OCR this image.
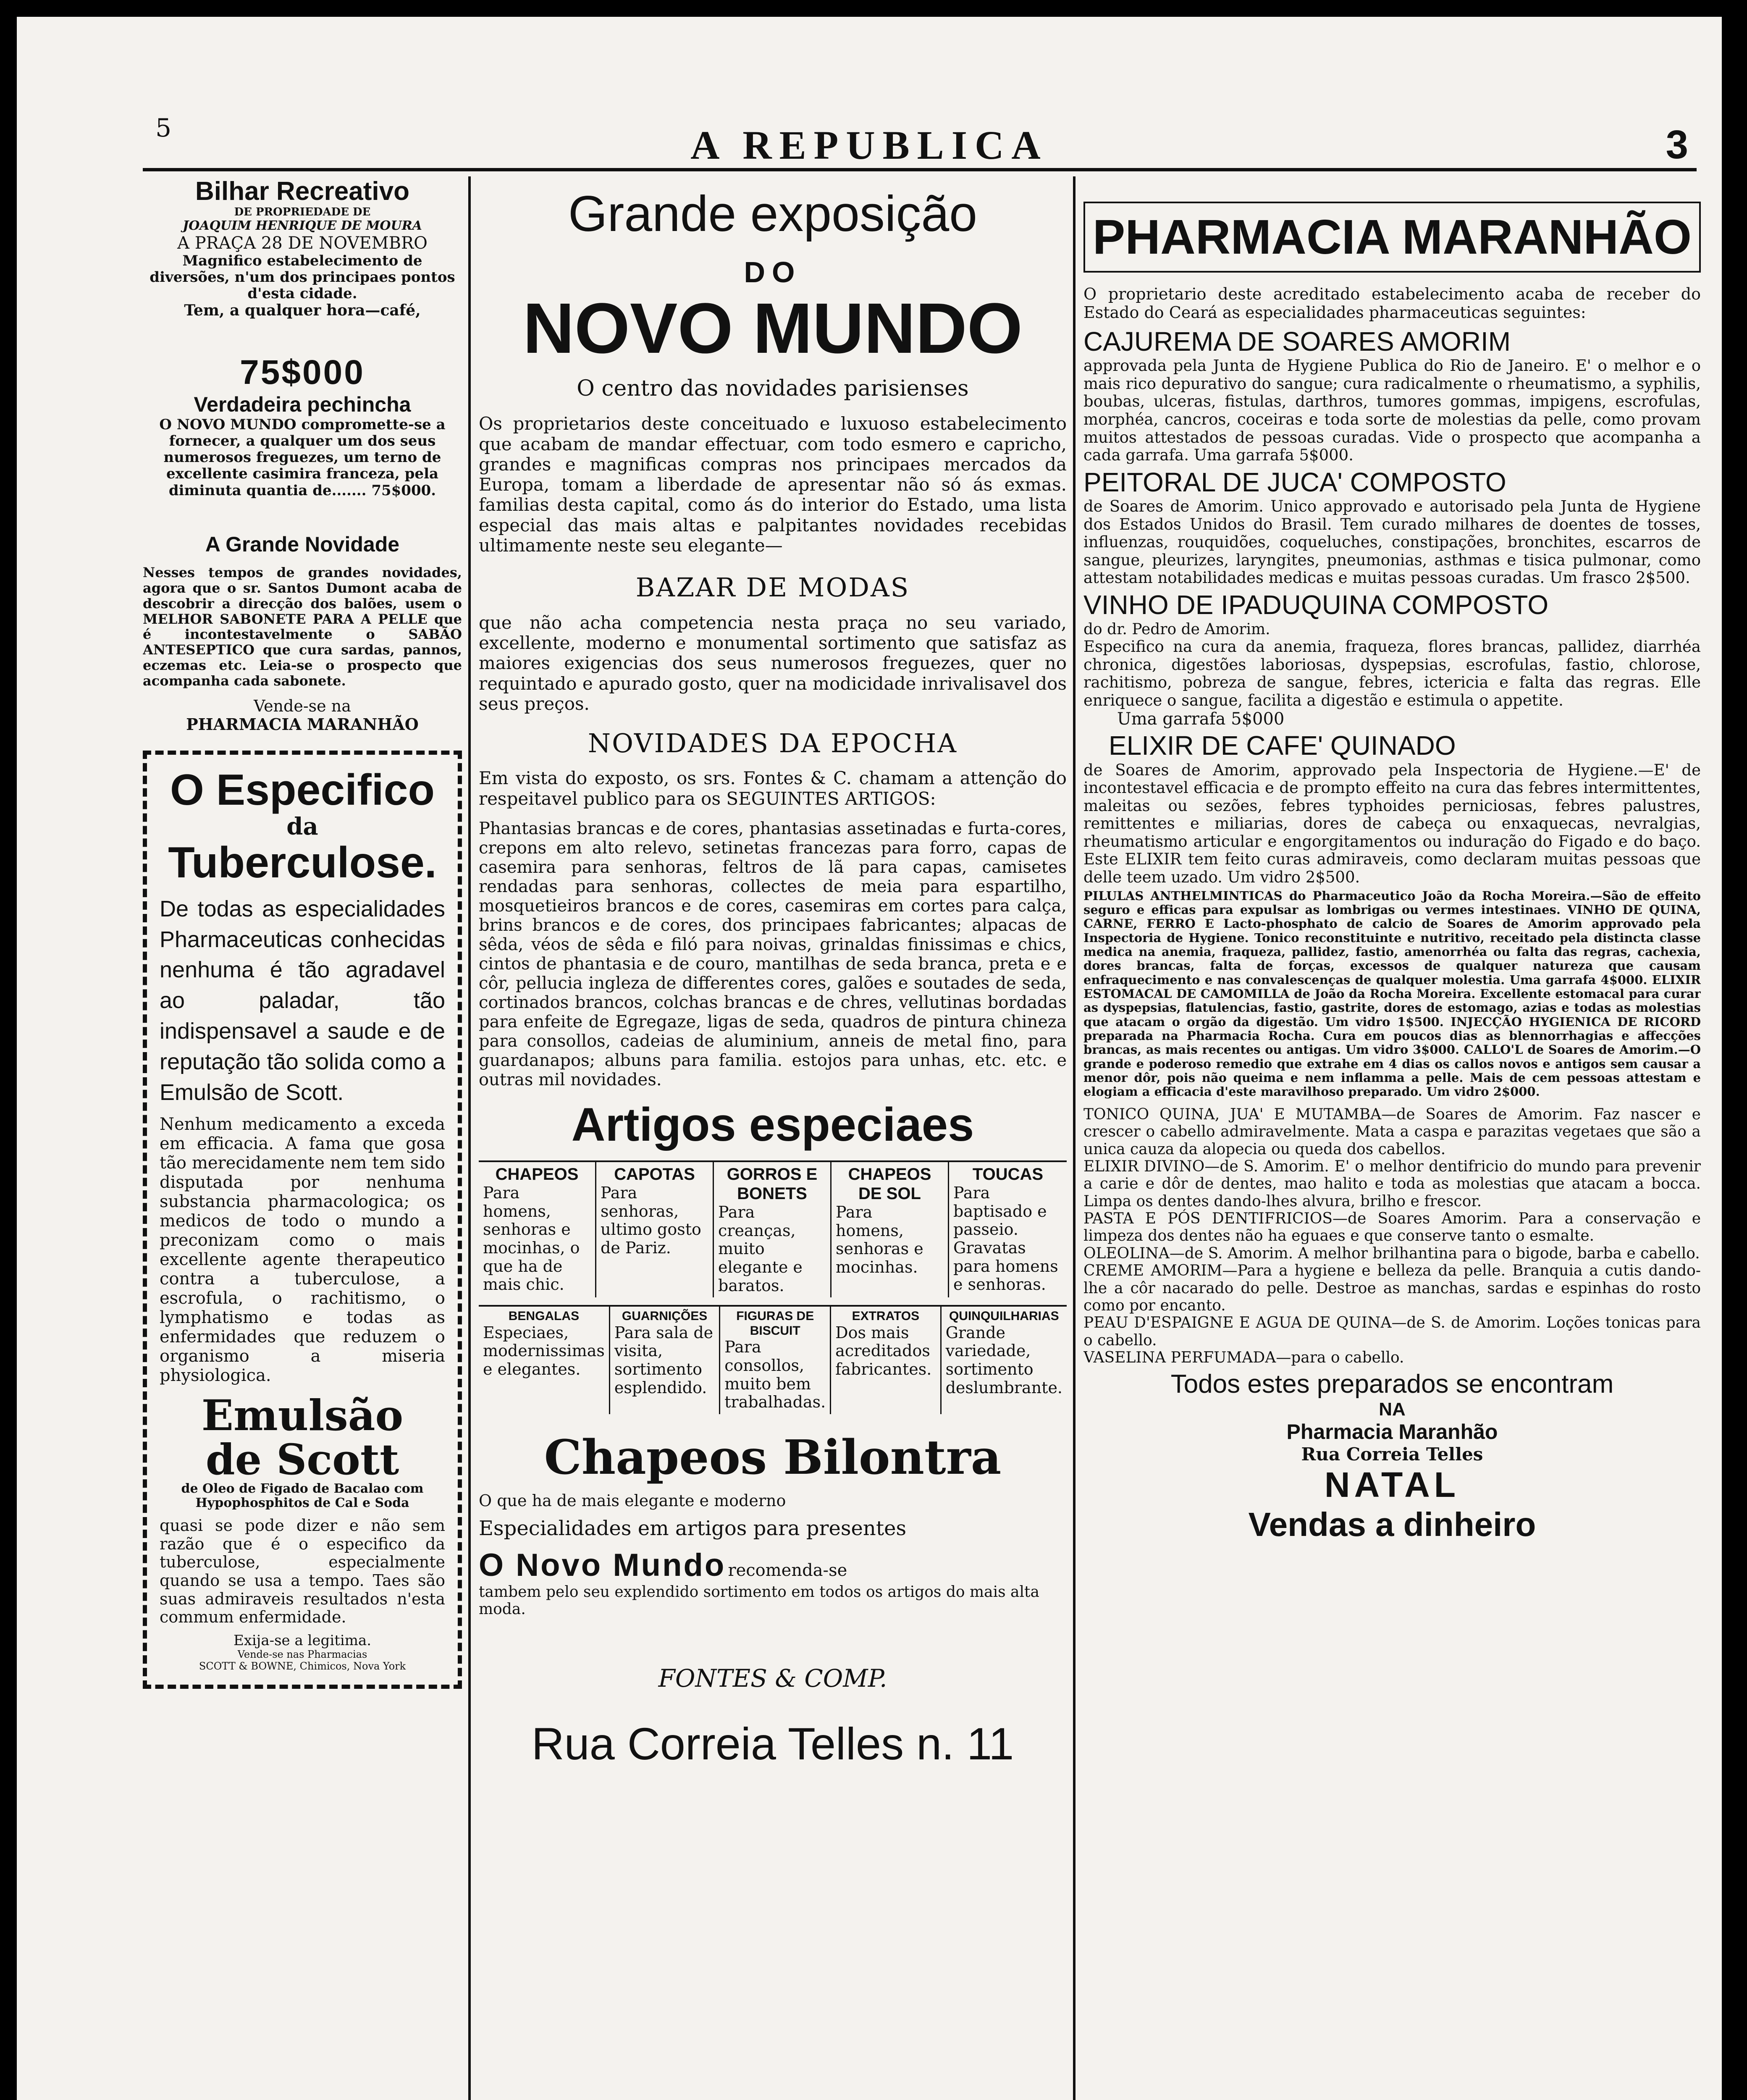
5	A REPUBLICA	3

Bilhar Recreativo

DE PROPRIEDADE DE

JOAQUIM HENRIQUE DE MOURA

A PRAÇA 28 DE NOVEMBRO

Magnifico estabelecimento de diversões, n'um dos principaes pontos d'esta cidade.

Tem, a qualquer hora—café,

75$000

Verdadeira pechincha

O NOVO MUNDO compromette-se a fornecer, a qualquer um dos seus numerosos freguezes, um terno de excellente casimira franceza, pela diminuta quantia de....... 75$000.

A Grande Novidade

Nesses tempos de grandes novidades, agora que o sr. Santos Dumont acaba de descobrir a direcção dos balões, usem o MELHOR SABONETE PARA A PELLE que é incontestavelmente o SABÃO ANTESEPTICO que cura sardas, pannos, eczemas etc. Leia-se o prospecto que acompanha cada sabonete.

Vende-se na

PHARMACIA MARANHÃO

O Especifico

da

Tuberculose.

De todas as especialidades Pharmaceuticas conhecidas nenhuma é tão agradavel ao paladar, tão indispensavel a saude e de reputação tão solida como a Emulsão de Scott.

Nenhum medicamento a exceda em efficacia. A fama que gosa tão merecidamente nem tem sido disputada por nenhuma substancia pharmacologica; os medicos de todo o mundo a preconizam como o mais excellente agente therapeutico contra a tuberculose, a escrofula, o rachitismo, o lymphatismo e todas as enfermidades que reduzem o organismo a miseria physiologica.

Emulsão

de Scott

de Oleo de Figado de Bacalao com Hypophosphitos de Cal e Soda

quasi se pode dizer e não sem razão que é o especifico da tuberculose, especialmente quando se usa a tempo. Taes são suas admiraveis resultados n'esta commum enfermidade.

Exija-se a legitima.

Vende-se nas Pharmacias

SCOTT & BOWNE, Chimicos, Nova York

Grande exposição

DO

NOVO MUNDO

O centro das novidades parisienses

Os proprietarios deste conceituado e luxuoso estabelecimento que acabam de mandar effectuar, com todo esmero e capricho, grandes e magnificas compras nos principaes mercados da Europa, tomam a liberdade de apresentar não só ás exmas. familias desta capital, como ás do interior do Estado, uma lista especial das mais altas e palpitantes novidades recebidas ultimamente neste seu elegante—

BAZAR DE MODAS

que não acha competencia nesta praça no seu variado, excellente, moderno e monumental sortimento que satisfaz as maiores exigencias dos seus numerosos freguezes, quer no requintado e apurado gosto, quer na modicidade inrivalisavel dos seus preços.

NOVIDADES DA EPOCHA

Em vista do exposto, os srs. Fontes & C. chamam a attenção do respeitavel publico para os SEGUINTES ARTIGOS:

Phantasias brancas e de cores, phantasias assetinadas e furta-cores, crepons em alto relevo, setinetas francezas para forro, capas de casemira para senhoras, feltros de lã para capas, camisetes rendadas para senhoras, collectes de meia para espartilho, mosquetieiros brancos e de cores, casemiras em cortes para calça, brins brancos e de cores, dos principaes fabricantes; alpacas de sêda, véos de sêda e filó para noivas, grinaldas finissimas e chics, cintos de phantasia e de couro, mantilhas de seda branca, preta e e côr, pellucia ingleza de differentes cores, galões e soutades de seda, cortinados brancos, colchas brancas e de chres, vellutinas bordadas para enfeite de Egregaze, ligas de seda, quadros de pintura chineza para consollos, cadeias de aluminium, anneis de metal fino, para guardanapos; albuns para familia. estojos para unhas, etc. etc. e outras mil novidades.

Artigos especiaes

CHAPEOS

Para homens, senhoras e mocinhas, o que ha de mais chic.

CAPOTAS

Para senhoras, ultimo gosto de Pariz.

GORROS E BONETS

Para creanças, muito elegante e baratos.

CHAPEOS DE SOL

Para homens, senhoras e mocinhas.

TOUCAS

Para baptisado e passeio. Gravatas para homens e senhoras.

BENGALAS

Especiaes, modernissimas e elegantes.

GUARNIÇÕES

Para sala de visita, sortimento esplendido.

FIGURAS DE BISCUIT

Para consollos, muito bem trabalhadas.

EXTRATOS

Dos mais acreditados fabricantes.

QUINQUILHARIAS

Grande variedade, sortimento deslumbrante.

Chapeos Bilontra

O que ha de mais elegante e moderno

Especialidades em artigos para presentes

O Novo Mundo recomenda-se

tambem pelo seu explendido sortimento em todos os artigos do mais alta moda.

FONTES & COMP.

Rua Correia Telles n. 11

PHARMACIA MARANHÃO

O proprietario deste acreditado estabelecimento acaba de receber do Estado do Ceará as especialidades pharmaceuticas seguintes:

CAJUREMA DE SOARES AMORIM

approvada pela Junta de Hygiene Publica do Rio de Janeiro. E' o melhor e o mais rico depurativo do sangue; cura radicalmente o rheumatismo, a syphilis, boubas, ulceras, fistulas, darthros, tumores gommas, impigens, escrofulas, morphéa, cancros, coceiras e toda sorte de molestias da pelle, como provam muitos attestados de pessoas curadas. Vide o prospecto que acompanha a cada garrafa. Uma garrafa 5$000.

PEITORAL DE JUCA' COMPOSTO

de Soares de Amorim. Unico approvado e autorisado pela Junta de Hygiene dos Estados Unidos do Brasil. Tem curado milhares de doentes de tosses, influenzas, rouquidões, coqueluches, constipações, bronchites, escarros de sangue, pleurizes, laryngites, pneumonias, asthmas e tisica pulmonar, como attestam notabilidades medicas e muitas pessoas curadas. Um frasco 2$500.

VINHO DE IPADUQUINA COMPOSTO

do dr. Pedro de Amorim.

Especifico na cura da anemia, fraqueza, flores brancas, pallidez, diarrhéa chronica, digestões laboriosas, dyspepsias, escrofulas, fastio, chlorose, rachitismo, pobreza de sangue, febres, ictericia e falta das regras. Elle enriquece o sangue, facilita a digestão e estimula o appetite.

Uma garrafa 5$000

ELIXIR DE CAFE' QUINADO

de Soares de Amorim, approvado pela Inspectoria de Hygiene.—E' de incontestavel efficacia e de prompto effeito na cura das febres intermittentes, maleitas ou sezões, febres typhoides perniciosas, febres palustres, remittentes e miliarias, dores de cabeça ou enxaquecas, nevralgias, rheumatismo articular e engorgitamentos ou induração do Figado e do baço. Este ELIXIR tem feito curas admiraveis, como declaram muitas pessoas que delle teem uzado. Um vidro 2$500.

PILULAS ANTHELMINTICAS do Pharmaceutico João da Rocha Moreira.—São de effeito seguro e efficas para expulsar as lombrigas ou vermes intestinaes. VINHO DE QUINA, CARNE, FERRO E Lacto-phosphato de calcio de Soares de Amorim approvado pela Inspectoria de Hygiene. Tonico reconstituinte e nutritivo, receitado pela distincta classe medica na anemia, fraqueza, pallidez, fastio, amenorrhéa ou falta das regras, cachexia, dores brancas, falta de forças, excessos de qualquer natureza que causam enfraquecimento e nas convalescenças de qualquer molestia. Uma garrafa 4$000. ELIXIR ESTOMACAL DE CAMOMILLA de João da Rocha Moreira. Excellente estomacal para curar as dyspepsias, flatulencias, fastio, gastrite, dores de estomago, azias e todas as molestias que atacam o orgão da digestão. Um vidro 1$500. INJECÇÃO HYGIENICA DE RICORD preparada na Pharmacia Rocha. Cura em poucos dias as blennorrhagias e affecções brancas, as mais recentes ou antigas. Um vidro 3$000. CALLO'L de Soares de Amorim.—O grande e poderoso remedio que extrahe em 4 dias os callos novos e antigos sem causar a menor dôr, pois não queima e nem inflamma a pelle. Mais de cem pessoas attestam e elogiam a efficacia d'este maravilhoso preparado. Um vidro 2$000.

TONICO QUINA, JUA' E MUTAMBA—de Soares de Amorim. Faz nascer e crescer o cabello admiravelmente. Mata a caspa e parazitas vegetaes que são a unica cauza da alopecia ou queda dos cabellos.

ELIXIR DIVINO—de S. Amorim. E' o melhor dentifricio do mundo para prevenir a carie e dôr de dentes, mao halito e toda as molestias que atacam a bocca. Limpa os dentes dando-lhes alvura, brilho e frescor.

PASTA E PÓS DENTIFRICIOS—de Soares Amorim. Para a conservação e limpeza dos dentes não ha eguaes e que conserve tanto o esmalte.

OLEOLINA—de S. Amorim. A melhor brilhantina para o bigode, barba e cabello.

CREME AMORIM—Para a hygiene e belleza da pelle. Branquia a cutis dando-lhe a côr nacarado do pelle. Destroe as manchas, sardas e espinhas do rosto como por encanto.

PEAU D'ESPAIGNE E AGUA DE QUINA—de S. de Amorim. Loções tonicas para o cabello.

VASELINA PERFUMADA—para o cabello.

Todos estes preparados se encontram

NA

Pharmacia Maranhão

Rua Correia Telles

NATAL

Vendas a dinheiro
